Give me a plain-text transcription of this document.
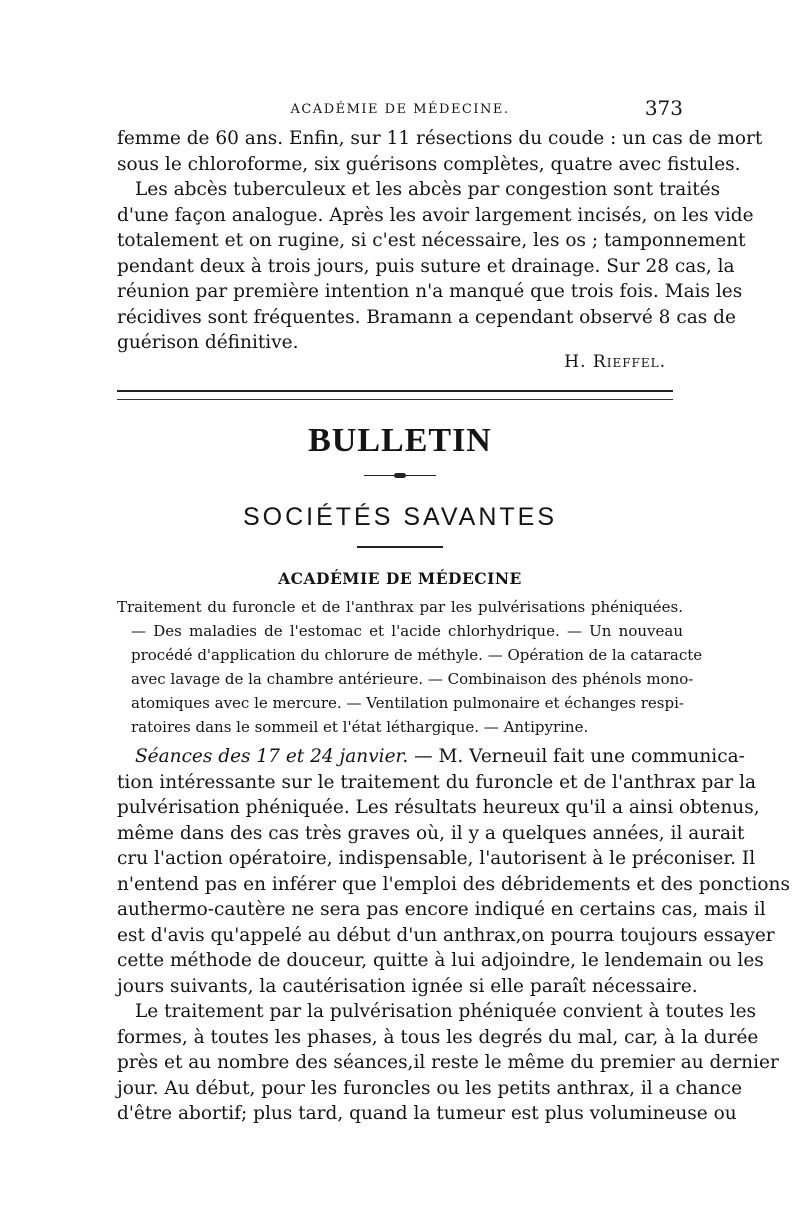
ACADÉMIE DE MÉDECINE.	373
femme de 60 ans. Enfin, sur 11 résections du coude : un cas de mort
sous le chloroforme, six guérisons complètes, quatre avec fistules.
Les abcès tuberculeux et les abcès par congestion sont traités
d'une façon analogue. Après les avoir largement incisés, on les vide
totalement et on rugine, si c'est nécessaire, les os ; tamponnement
pendant deux à trois jours, puis suture et drainage. Sur 28 cas, la
réunion par première intention n'a manqué que trois fois. Mais les
récidives sont fréquentes. Bramann a cependant observé 8 cas de
guérison définitive.
H. Rieffel.
BULLETIN
SOCIÉTÉS SAVANTES
ACADÉMIE DE MÉDECINE
Traitement du furoncle et de l'anthrax par les pulvérisations phéniquées.
— Des maladies de l'estomac et l'acide chlorhydrique. — Un nouveau
procédé d'application du chlorure de méthyle. — Opération de la cataracte
avec lavage de la chambre antérieure. — Combinaison des phénols mono-
atomiques avec le mercure. — Ventilation pulmonaire et échanges respi-
ratoires dans le sommeil et l'état léthargique. — Antipyrine.
Séances des 17 et 24 janvier. — M. Verneuil fait une communica-
tion intéressante sur le traitement du furoncle et de l'anthrax par la
pulvérisation phéniquée. Les résultats heureux qu'il a ainsi obtenus,
même dans des cas très graves où, il y a quelques années, il aurait
cru l'action opératoire, indispensable, l'autorisent à le préconiser. Il
n'entend pas en inférer que l'emploi des débridements et des ponctions
authermo-cautère ne sera pas encore indiqué en certains cas, mais il
est d'avis qu'appelé au début d'un anthrax,on pourra toujours essayer
cette méthode de douceur, quitte à lui adjoindre, le lendemain ou les
jours suivants, la cautérisation ignée si elle paraît nécessaire.
Le traitement par la pulvérisation phéniquée convient à toutes les
formes, à toutes les phases, à tous les degrés du mal, car, à la durée
près et au nombre des séances,il reste le même du premier au dernier
jour. Au début, pour les furoncles ou les petits anthrax, il a chance
d'être abortif; plus tard, quand la tumeur est plus volumineuse ou
